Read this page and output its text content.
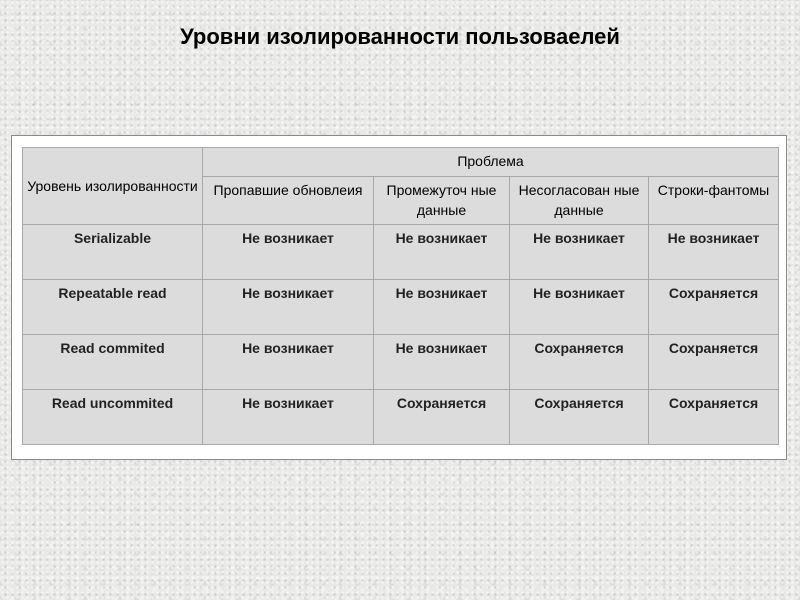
Уровни изолированности пользоваелей
Уровень изолированности	Проблема			
	Пропавшие обновлеия	Промежуточ ные данные	Несогласован ные данные	Строки-фантомы
Serializable	Не возникает	Не возникает	Не возникает	Не возникает
Repeatable read	Не возникает	Не возникает	Не возникает	Сохраняется
Read commited	Не возникает	Не возникает	Сохраняется	Сохраняется
Read uncommited	Не возникает	Сохраняется	Сохраняется	Сохраняется
